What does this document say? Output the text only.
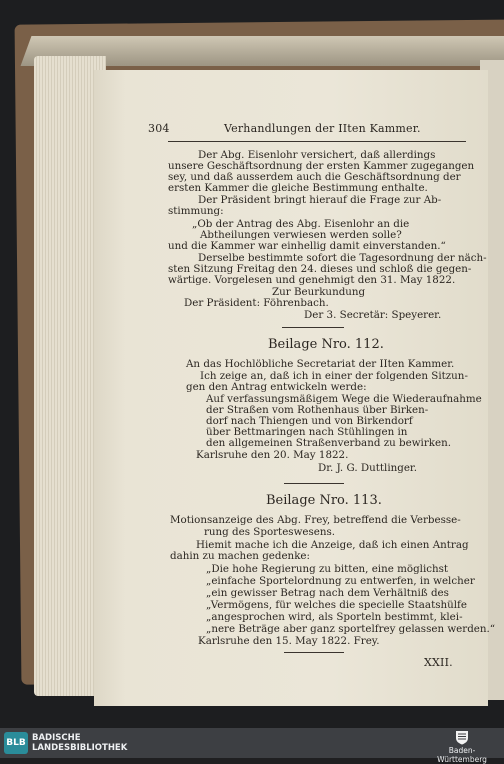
304	Verhandlungen der IIten Kammer.
Der Abg. Eisenlohr versichert, daß allerdings
unsere Geschäftsordnung der ersten Kammer zugegangen
sey, und daß ausserdem auch die Geschäftsordnung der
ersten Kammer die gleiche Bestimmung enthalte.
Der Präsident bringt hierauf die Frage zur Ab-
stimmung:
„Ob der Antrag des Abg. Eisenlohr an die
Abtheilungen verwiesen werden solle?
und die Kammer war einhellig damit einverstanden.“
Derselbe bestimmte sofort die Tagesordnung der näch-
sten Sitzung Freitag den 24. dieses und schloß die gegen-
wärtige. Vorgelesen und genehmigt den 31. May 1822.
Zur Beurkundung
Der Präsident: Föhrenbach.
Der 3. Secretär: Speyerer.
Beilage Nro. 112.
An das Hochlöbliche Secretariat der IIten Kammer.
Ich zeige an, daß ich in einer der folgenden Sitzun-
gen den Antrag entwickeln werde:
Auf verfassungsmäßigem Wege die Wiederaufnahme
der Straßen vom Rothenhaus über Birken-
dorf nach Thiengen und von Birkendorf
über Bettmaringen nach Stühlingen in
den allgemeinen Straßenverband zu bewirken.
Karlsruhe den 20. May 1822.
Dr. J. G. Duttlinger.
Beilage Nro. 113.
Motionsanzeige des Abg. Frey, betreffend die Verbesse-
rung des Sporteswesens.
Hiemit mache ich die Anzeige, daß ich einen Antrag
dahin zu machen gedenke:
„Die hohe Regierung zu bitten, eine möglichst
„einfache Sportelordnung zu entwerfen, in welcher
„ein gewisser Betrag nach dem Verhältniß des
„Vermögens, für welches die specielle Staatshülfe
„angesprochen wird, als Sporteln bestimmt, klei-
„nere Beträge aber ganz sportelfrey gelassen werden.“
Karlsruhe den 15. May 1822. Frey.
XXII.
BLB BADISCHE
LANDESBIBLIOTHEK	Baden-Württemberg
